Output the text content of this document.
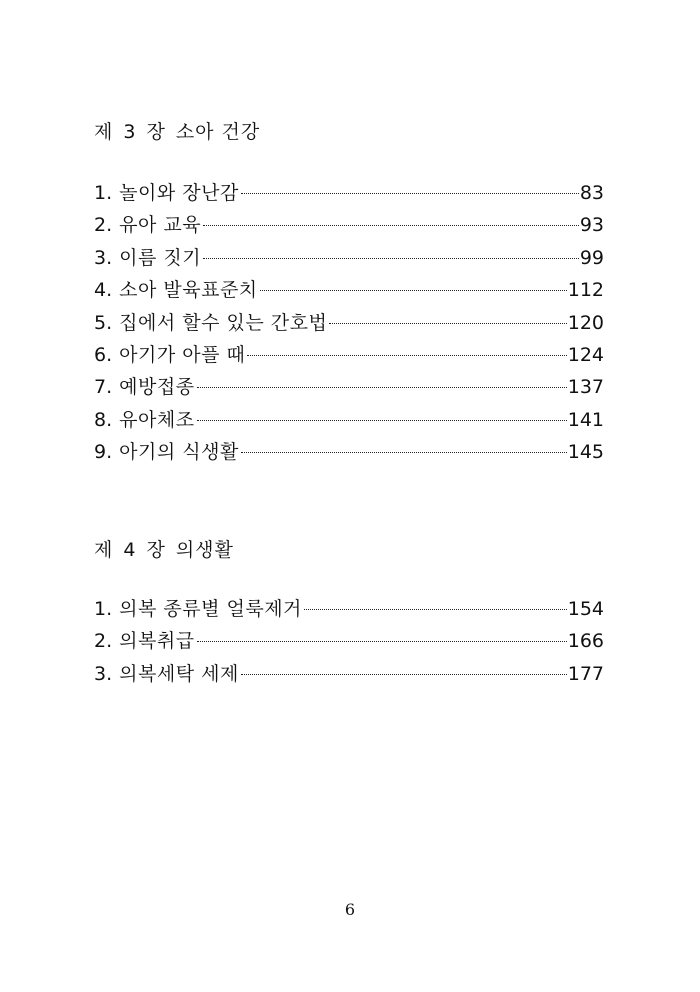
제 3 장 소아 건강
1. 놀이와 장난감	83
2. 유아 교육	93
3. 이름 짓기	99
4. 소아 발육표준치	112
5. 집에서 할수 있는 간호법	120
6. 아기가 아플 때	124
7. 예방접종	137
8. 유아체조	141
9. 아기의 식생활	145
제 4 장 의생활
1. 의복 종류별 얼룩제거	154
2. 의복취급	166
3. 의복세탁 세제	177
6
